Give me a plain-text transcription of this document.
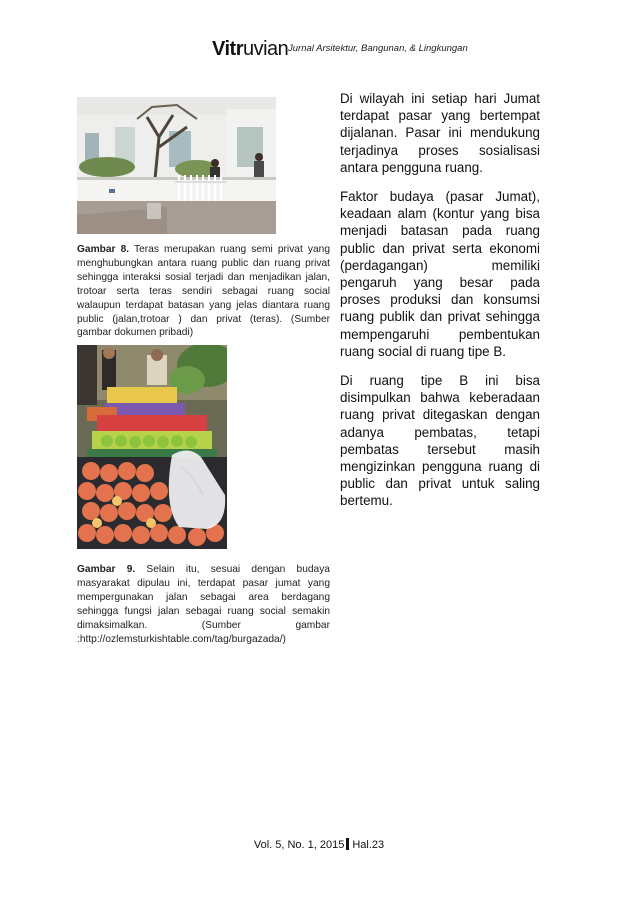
Vitruvian Jurnal Arsitektur, Bangunan, & Lingkungan
Gambar 8. Teras merupakan ruang semi privat yang menghubungkan antara ruang public dan ruang privat sehingga interaksi sosial terjadi dan menjadikan jalan, trotoar serta teras sendiri sebagai ruang social walaupun terdapat batasan yang jelas diantara ruang public (jalan,trotoar ) dan privat (teras). (Sumber gambar dokumen pribadi)
Gambar 9. Selain itu, sesuai dengan budaya masyarakat dipulau ini, terdapat pasar jumat yang mempergunakan jalan sebagai area berdagang sehingga fungsi jalan sebagai ruang social semakin dimaksimalkan. (Sumber gambar :http://ozlemsturkishtable.com/tag/burgazada/)

Di wilayah ini setiap hari Jumat terdapat pasar yang bertempat dijalanan. Pasar ini mendukung terjadinya proses sosialisasi antara pengguna ruang.

Faktor budaya (pasar Jumat), keadaan alam (kontur yang bisa menjadi batasan pada ruang public dan privat serta ekonomi (perdagangan) memiliki pengaruh yang besar pada proses produksi dan konsumsi ruang publik dan privat sehingga mempengaruhi pembentukan ruang social di ruang tipe B.

Di ruang tipe B ini bisa disimpulkan bahwa keberadaan ruang privat ditegaskan dengan adanya pembatas, tetapi pembatas tersebut masih mengizinkan pengguna ruang di public dan privat untuk saling bertemu.

Vol. 5, No. 1, 2015 Hal.23
